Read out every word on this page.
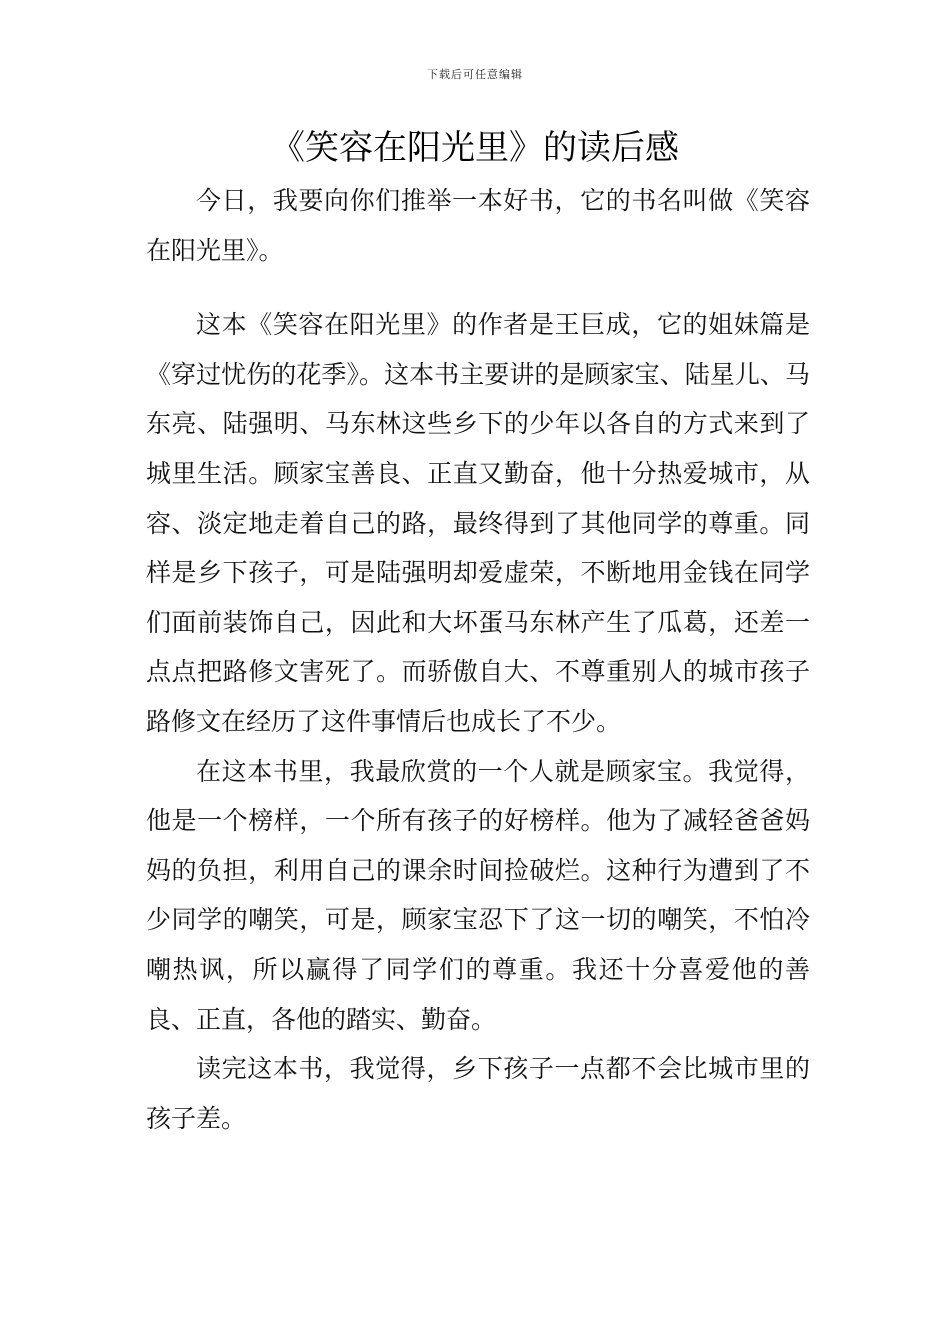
下载后可任意编辑
《笑容在阳光里》的读后感

今日，我要向你们推举一本好书，它的书名叫做《笑容在阳光里》。

这本《笑容在阳光里》的作者是王巨成，它的姐妹篇是《穿过忧伤的花季》。这本书主要讲的是顾家宝、陆星儿、马东亮、陆强明、马东林这些乡下的少年以各自的方式来到了城里生活。顾家宝善良、正直又勤奋，他十分热爱城市，从容、淡定地走着自己的路，最终得到了其他同学的尊重。同样是乡下孩子，可是陆强明却爱虚荣，不断地用金钱在同学们面前装饰自己，因此和大坏蛋马东林产生了瓜葛，还差一点点把路修文害死了。而骄傲自大、不尊重别人的城市孩子路修文在经历了这件事情后也成长了不少。

在这本书里，我最欣赏的一个人就是顾家宝。我觉得，他是一个榜样，一个所有孩子的好榜样。他为了减轻爸爸妈妈的负担，利用自己的课余时间捡破烂。这种行为遭到了不少同学的嘲笑，可是，顾家宝忍下了这一切的嘲笑，不怕冷嘲热讽，所以赢得了同学们的尊重。我还十分喜爱他的善良、正直，各他的踏实、勤奋。

读完这本书，我觉得，乡下孩子一点都不会比城市里的孩子差。
